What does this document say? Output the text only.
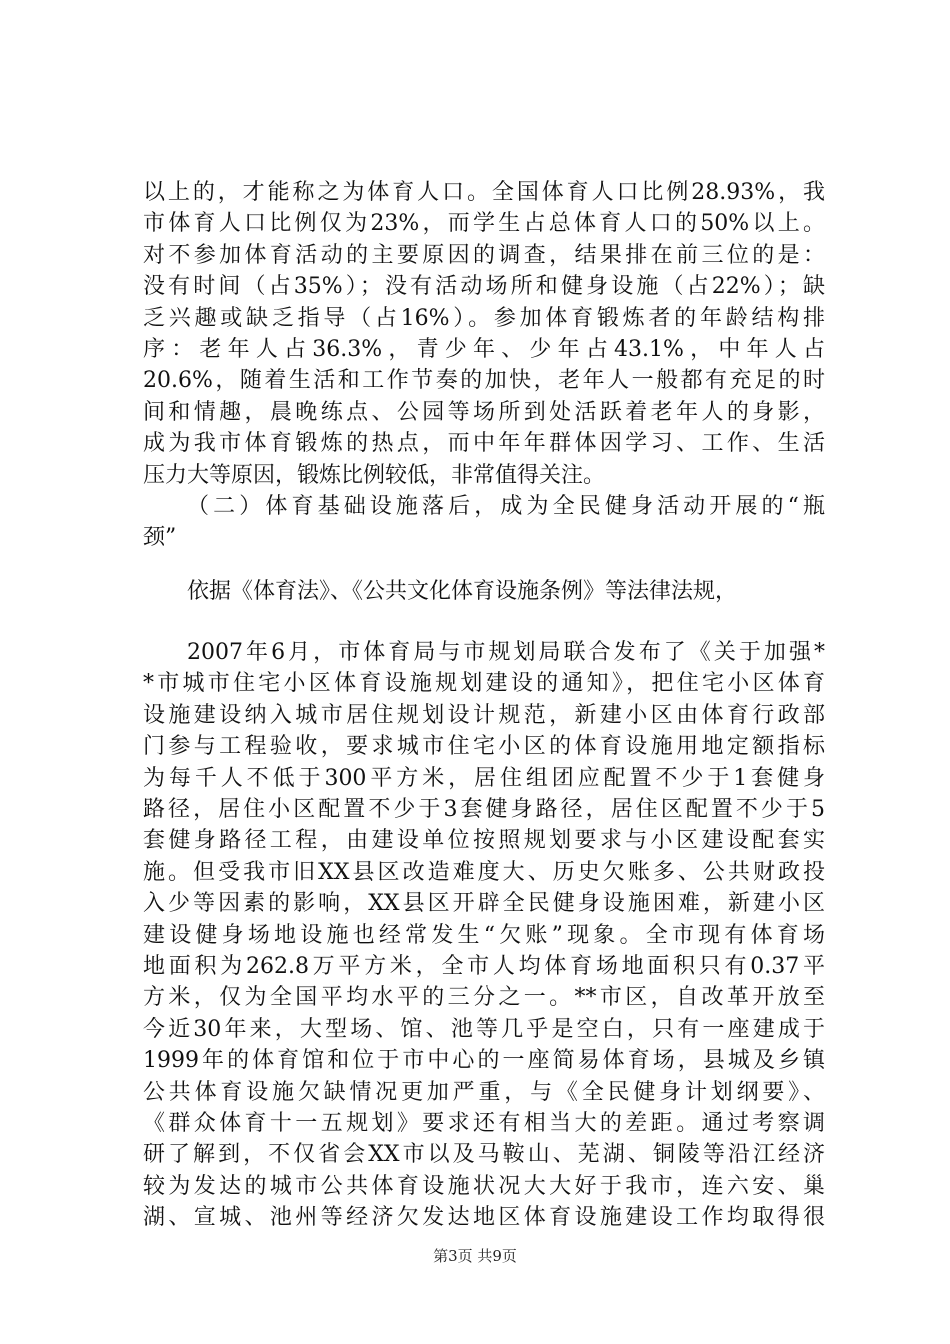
以上的，才能称之为体育人口。全国体育人口比例28.93%，我
市体育人口比例仅为23%，而学生占总体育人口的50%以上。
对不参加体育活动的主要原因的调查，结果排在前三位的是：
没有时间（占35%）；没有活动场所和健身设施（占22%）；缺
乏兴趣或缺乏指导（占16%）。参加体育锻炼者的年龄结构排
序：老年人占36.3%，青少年、少年占43.1%，中年人占
20.6%，随着生活和工作节奏的加快，老年人一般都有充足的时
间和情趣，晨晚练点、公园等场所到处活跃着老年人的身影，
成为我市体育锻炼的热点，而中年年群体因学习、工作、生活
压力大等原因，锻炼比例较低，非常值得关注。
（二）体育基础设施落后，成为全民健身活动开展的“瓶
颈”
依据《体育法》、《公共文化体育设施条例》等法律法规，
2007年6月，市体育局与市规划局联合发布了《关于加强*
*市城市住宅小区体育设施规划建设的通知》，把住宅小区体育
设施建设纳入城市居住规划设计规范，新建小区由体育行政部
门参与工程验收，要求城市住宅小区的体育设施用地定额指标
为每千人不低于300平方米，居住组团应配置不少于1套健身
路径，居住小区配置不少于3套健身路径，居住区配置不少于5
套健身路径工程，由建设单位按照规划要求与小区建设配套实
施。但受我市旧XX县区改造难度大、历史欠账多、公共财政投
入少等因素的影响，XX县区开辟全民健身设施困难，新建小区
建设健身场地设施也经常发生“欠账”现象。全市现有体育场
地面积为262.8万平方米，全市人均体育场地面积只有0.37平
方米，仅为全国平均水平的三分之一。**市区，自改革开放至
今近30年来，大型场、馆、池等几乎是空白，只有一座建成于
1999年的体育馆和位于市中心的一座简易体育场，县城及乡镇
公共体育设施欠缺情况更加严重，与《全民健身计划纲要》、
《群众体育十一五规划》要求还有相当大的差距。通过考察调
研了解到，不仅省会XX市以及马鞍山、芜湖、铜陵等沿江经济
较为发达的城市公共体育设施状况大大好于我市，连六安、巢
湖、宣城、池州等经济欠发达地区体育设施建设工作均取得很
第3页 共9页
